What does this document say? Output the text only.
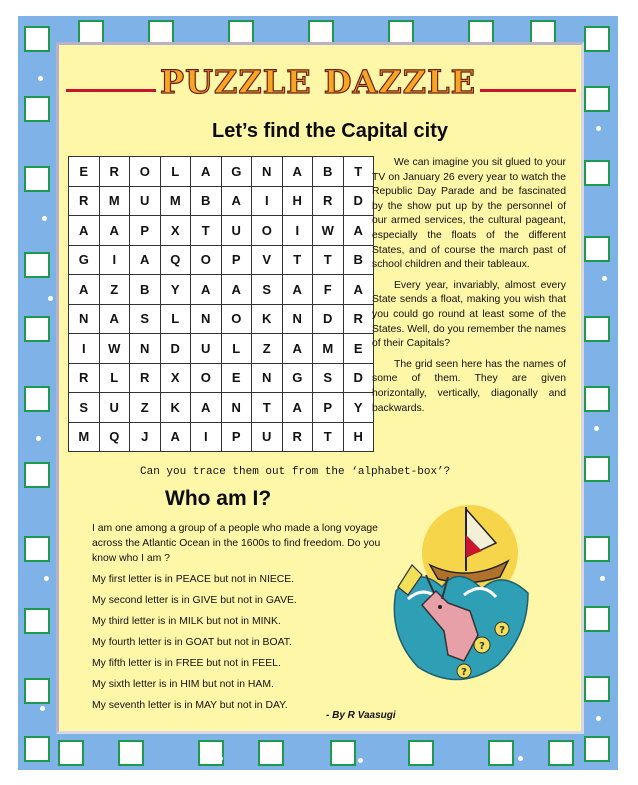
PUZZLE DAZZLE
Let’s find the Capital city
E	R	O	L	A	G	N	A	B	T
R	M	U	M	B	A	I	H	R	D
A	A	P	X	T	U	O	I	W	A
G	I	A	Q	O	P	V	T	T	B
A	Z	B	Y	A	A	S	A	F	A
N	A	S	L	N	O	K	N	D	R
I	W	N	D	U	L	Z	A	M	E
R	L	R	X	O	E	N	G	S	D
S	U	Z	K	A	N	T	A	P	Y
M	Q	J	A	I	P	U	R	T	H

We can imagine you sit glued to your TV on January 26 every year to watch the Republic Day Parade and be fascinated by the show put up by the personnel of our armed services, the cultural pageant, especially the floats of the different States, and of course the march past of school children and their tableaux.

Every year, invariably, almost every State sends a float, making you wish that you could go round at least some of the States. Well, do you remember the names of their Capitals?

The grid seen here has the names of some of them. They are given horizontally, vertically, diagonally and backwards.

Can you trace them out from the ‘alphabet-box’?
Who am I?
I am one among a group of a people who made a long voyage across the Atlantic Ocean in the 1600s to find freedom. Do you know who I am ?
My first letter is in PEACE but not in NIECE.
My second letter is in GIVE but not in GAVE.
My third letter is in MILK but not in MINK.
My fourth letter is in GOAT but not in BOAT.
My fifth letter is in FREE but not in FEEL.
My sixth letter is in HIM but not in HAM.
My seventh letter is in MAY but not in DAY.
- By R Vaasugi
?
?
?
